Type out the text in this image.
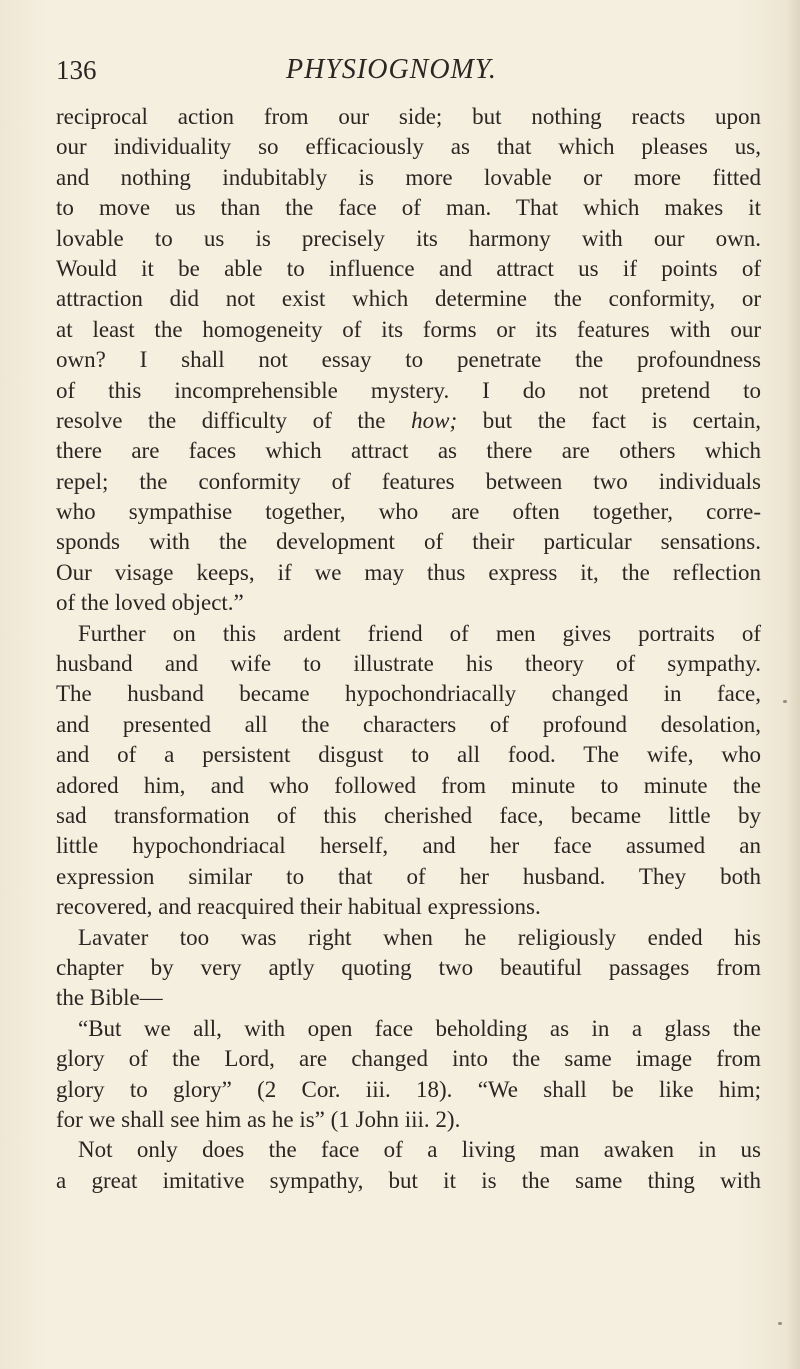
136	PHYSIOGNOMY.
reciprocal action from our side; but nothing reacts upon
our individuality so efficaciously as that which pleases us,
and nothing indubitably is more lovable or more fitted
to move us than the face of man. That which makes it
lovable to us is precisely its harmony with our own.
Would it be able to influence and attract us if points of
attraction did not exist which determine the conformity, or
at least the homogeneity of its forms or its features with our
own? I shall not essay to penetrate the profoundness
of this incomprehensible mystery. I do not pretend to
resolve the difficulty of the how; but the fact is certain,
there are faces which attract as there are others which
repel; the conformity of features between two individuals
who sympathise together, who are often together, corre-
sponds with the development of their particular sensations.
Our visage keeps, if we may thus express it, the reflection
of the loved object.”
Further on this ardent friend of men gives portraits of
husband and wife to illustrate his theory of sympathy.
The husband became hypochondriacally changed in face,
and presented all the characters of profound desolation,
and of a persistent disgust to all food. The wife, who
adored him, and who followed from minute to minute the
sad transformation of this cherished face, became little by
little hypochondriacal herself, and her face assumed an
expression similar to that of her husband. They both
recovered, and reacquired their habitual expressions.
Lavater too was right when he religiously ended his
chapter by very aptly quoting two beautiful passages from
the Bible—
“But we all, with open face beholding as in a glass the
glory of the Lord, are changed into the same image from
glory to glory” (2 Cor. iii. 18). “We shall be like him;
for we shall see him as he is” (1 John iii. 2).
Not only does the face of a living man awaken in us
a great imitative sympathy, but it is the same thing with
